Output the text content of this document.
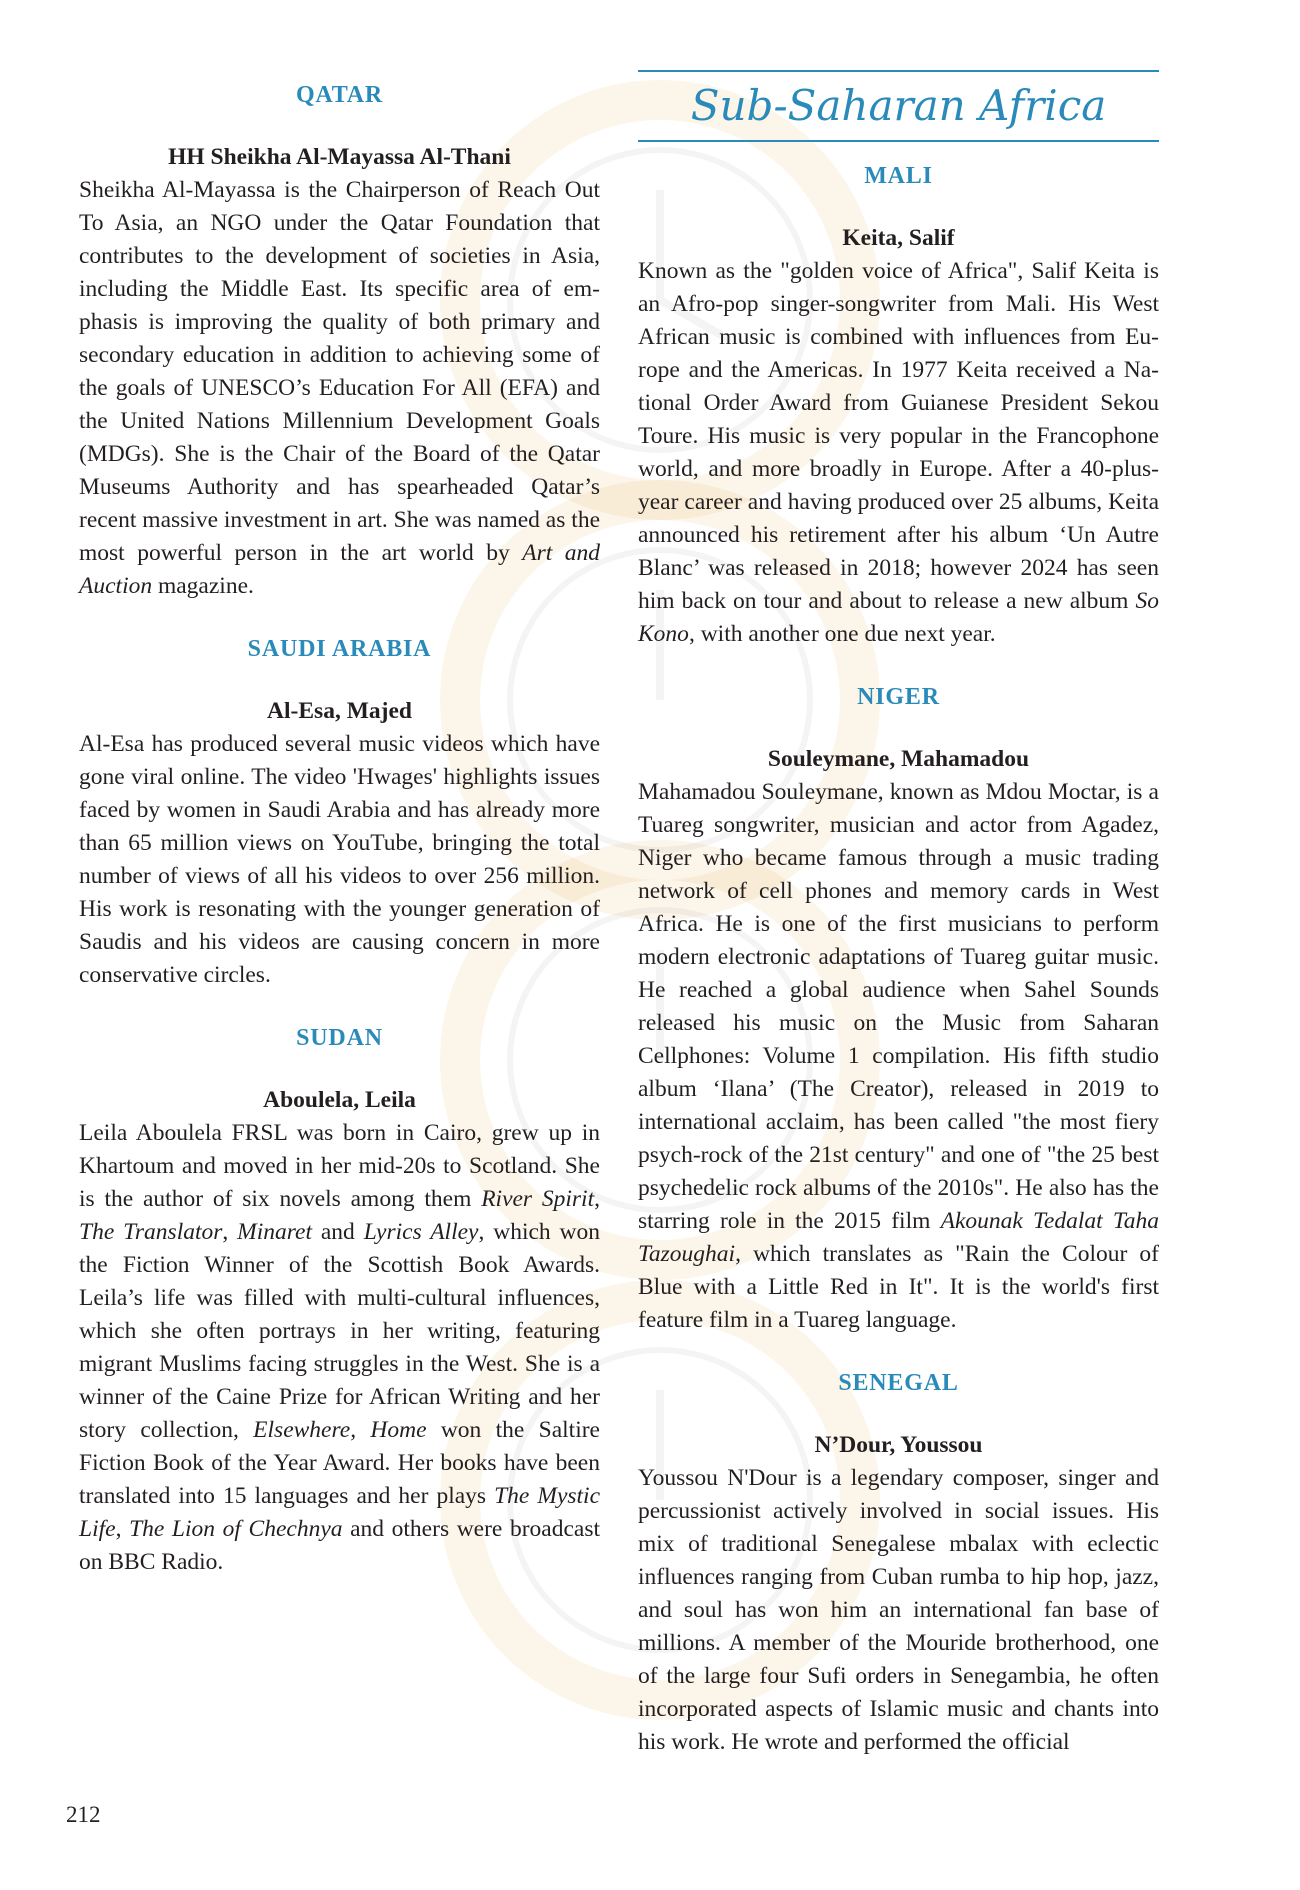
QATAR
HH Sheikha Al-Mayassa Al-Thani

Sheikha Al-Mayassa is the Chairperson of Reach Out To Asia, an NGO under the Qatar Foundation that contributes to the development of societies in Asia, including the Middle East. Its specific area of emphasis is improving the quality of both primary and secondary education in addition to achieving some of the goals of UNESCO’s Education For All (EFA) and the United Nations Millennium Development Goals (MDGs). She is the Chair of the Board of the Qatar Museums Authority and has spearheaded Qatar’s recent massive investment in art. She was named as the most powerful person in the art world by Art and Auction magazine.

SAUDI ARABIA
Al-Esa, Majed

Al-Esa has produced several music videos which have gone viral online. The video 'Hwages' highlights issues faced by women in Saudi Arabia and has already more than 65 million views on YouTube, bringing the total number of views of all his videos to over 256 million. His work is resonating with the younger generation of Saudis and his videos are causing concern in more conservative circles.

SUDAN
Aboulela, Leila

Leila Aboulela FRSL was born in Cairo, grew up in Khartoum and moved in her mid-20s to Scotland. She is the author of six novels among them River Spirit, The Translator, Minaret and Lyrics Alley, which won the Fiction Winner of the Scottish Book Awards. Leila’s life was filled with multi-cultural influences, which she often portrays in her writing, featuring migrant Muslims facing struggles in the West. She is a winner of the Caine Prize for African Writing and her story collection, Elsewhere, Home won the Saltire Fiction Book of the Year Award. Her books have been translated into 15 languages and her plays The Mystic Life, The Lion of Chechnya and others were broadcast on BBC Radio.

Sub-Saharan Africa
MALI
Keita, Salif

Known as the "golden voice of Africa", Salif Keita is an Afro-pop singer-songwriter from Mali. His West African music is combined with influences from Europe and the Americas. In 1977 Keita received a National Order Award from Guianese President Sekou Toure. His music is very popular in the Francophone world, and more broadly in Europe. After a 40-plus-year career and having produced over 25 albums, Keita announced his retirement after his album ‘Un Autre Blanc’ was released in 2018; however 2024 has seen him back on tour and about to release a new album So Kono, with another one due next year.

NIGER
Souleymane, Mahamadou

Mahamadou Souleymane, known as Mdou Moctar, is a Tuareg songwriter, musician and actor from Agadez, Niger who became famous through a music trading network of cell phones and memory cards in West Africa. He is one of the first musicians to perform modern electronic adaptations of Tuareg guitar music. He reached a global audience when Sahel Sounds released his music on the Music from Saharan Cellphones: Volume 1 compilation. His fifth studio album ‘Ilana’ (The Creator), released in 2019 to international acclaim, has been called "the most fiery psych-rock of the 21st century" and one of "the 25 best psychedelic rock albums of the 2010s". He also has the starring role in the 2015 film Akounak Tedalat Taha Tazoughai, which translates as "Rain the Colour of Blue with a Little Red in It". It is the world's first feature film in a Tuareg language.

SENEGAL
N’Dour, Youssou

Youssou N'Dour is a legendary composer, singer and percussionist actively involved in social issues. His mix of traditional Senegalese mbalax with eclectic influences ranging from Cuban rumba to hip hop, jazz, and soul has won him an international fan base of millions. A member of the Mouride brotherhood, one of the large four Sufi orders in Senegambia, he often incorporated aspects of Islamic music and chants into his work. He wrote and performed the official

212
